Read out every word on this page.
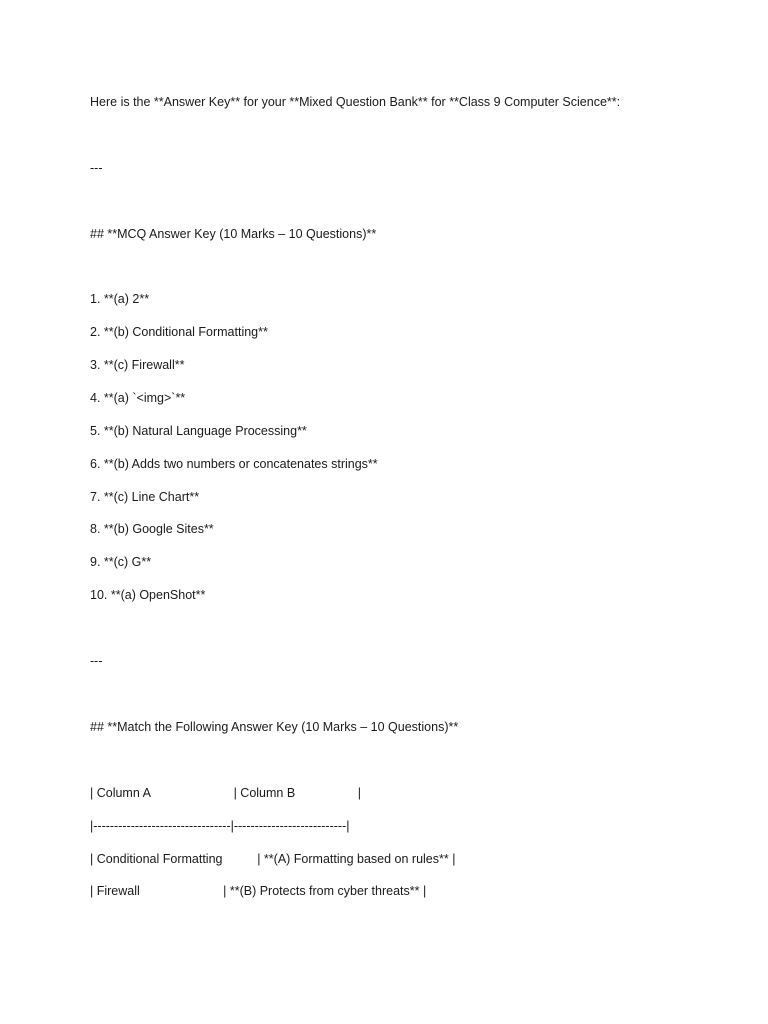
Here is the **Answer Key** for your **Mixed Question Bank** for **Class 9 Computer Science**:
---
## **MCQ Answer Key (10 Marks – 10 Questions)**
1. **(a) 2**
2. **(b) Conditional Formatting**
3. **(c) Firewall**
4. **(a) `<img>`**
5. **(b) Natural Language Processing**
6. **(b) Adds two numbers or concatenates strings**
7. **(c) Line Chart**
8. **(b) Google Sites**
9. **(c) G**
10. **(a) OpenShot**
---
## **Match the Following Answer Key (10 Marks – 10 Questions)**
| Column A                        | Column B                  |
|---------------------------------|---------------------------|
| Conditional Formatting          | **(A) Formatting based on rules** |
| Firewall                        | **(B) Protects from cyber threats** |
